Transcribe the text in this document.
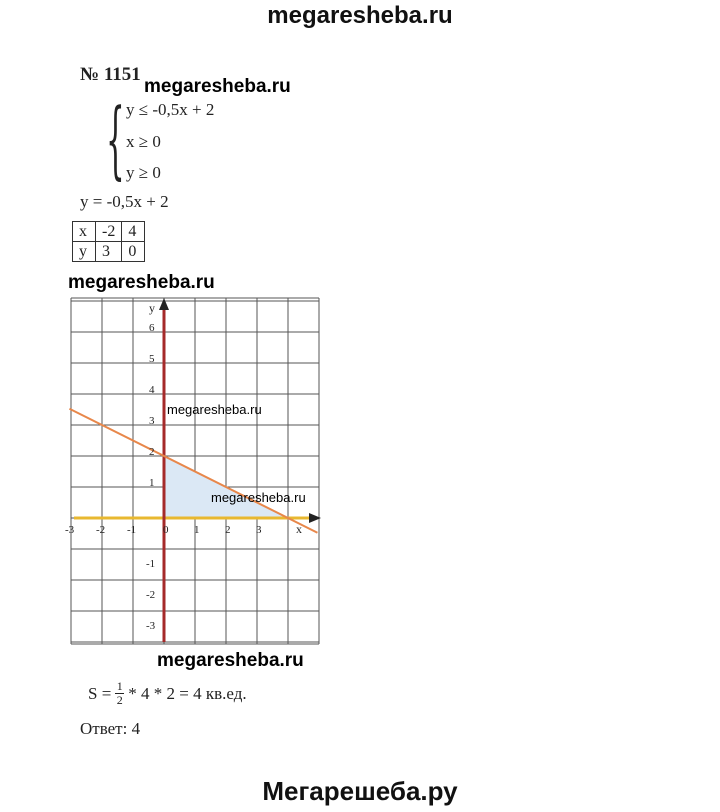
megaresheba.ru
№ 1151
megaresheba.ru
{ y ≤ -0,5x + 2
x ≥ 0
y ≥ 0
y = -0,5x + 2
x	-2	4
y	3	0
megaresheba.ru
-3 -2 -1 0 1 2 3
6
5
4
3
2
1
-1
-2
-3
x
y
megaresheba.ru
megaresheba.ru
megaresheba.ru
$S = \frac{1}{2} * 4 * 2 = 4$ кв.ед.
Ответ: 4
Мегарешеба.ру
